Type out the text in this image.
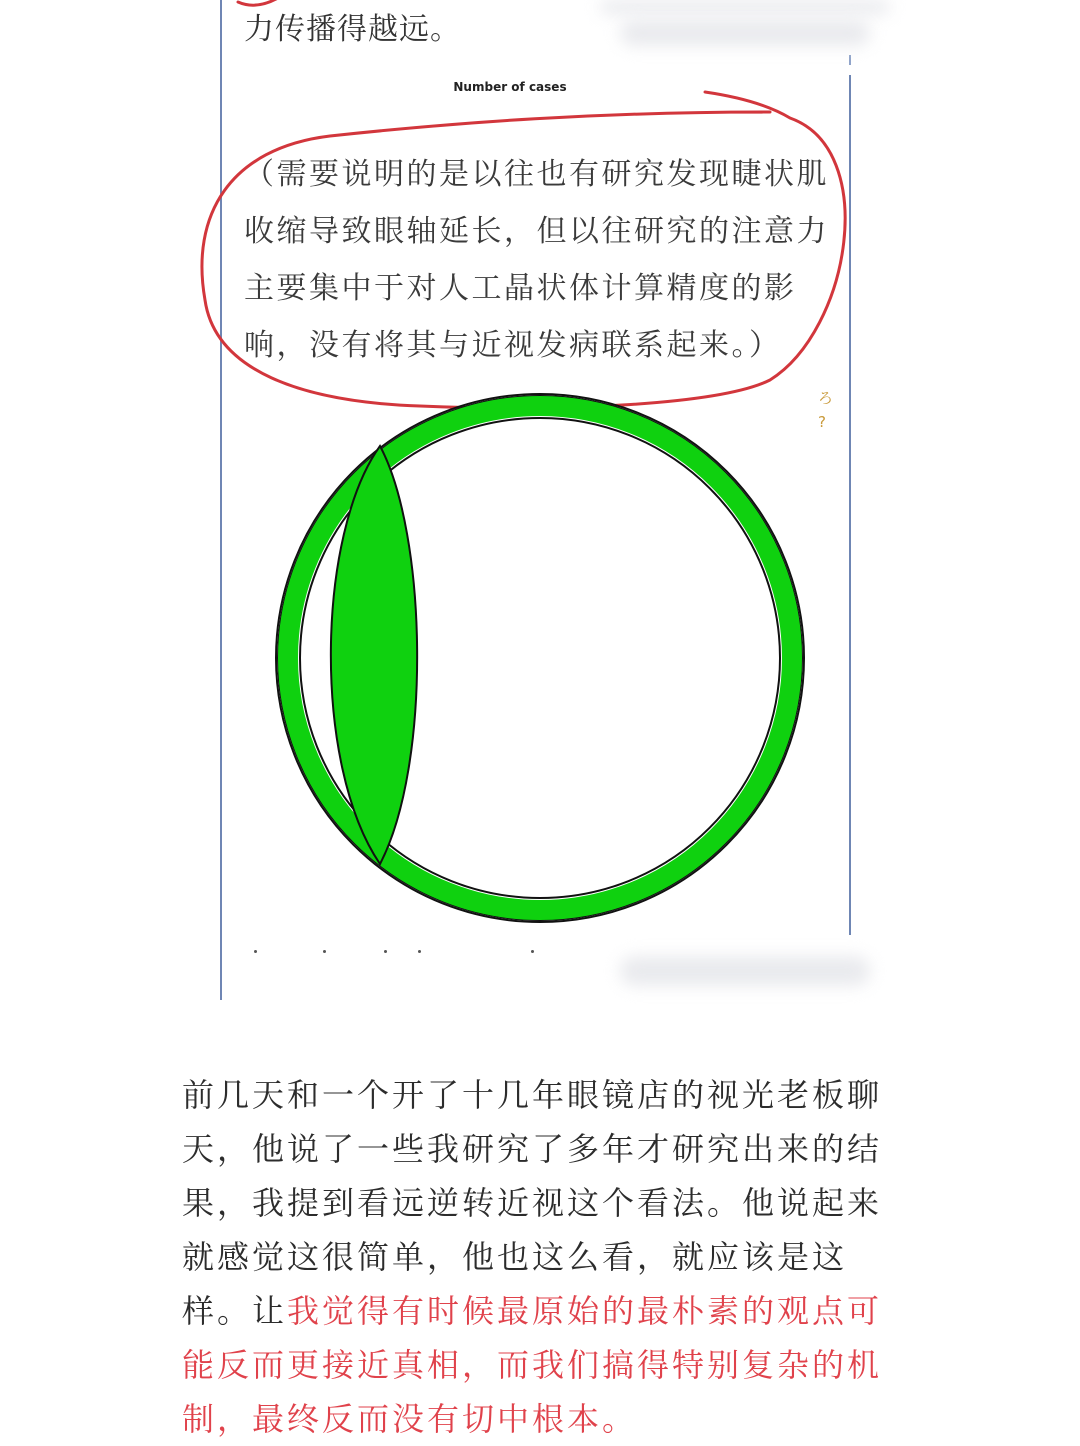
力传播得越远。
Number of cases
（需要说明的是以往也有研究发现睫状肌
收缩导致眼轴延长，但以往研究的注意力
主要集中于对人工晶状体计算精度的影
响，没有将其与近视发病联系起来。）
ろ
?
前几天和一个开了十几年眼镜店的视光老板聊
天，他说了一些我研究了多年才研究出来的结
果，我提到看远逆转近视这个看法。他说起来
就感觉这很简单，他也这么看，就应该是这
样。让我觉得有时候最原始的最朴素的观点可
能反而更接近真相，而我们搞得特别复杂的机
制，最终反而没有切中根本。
